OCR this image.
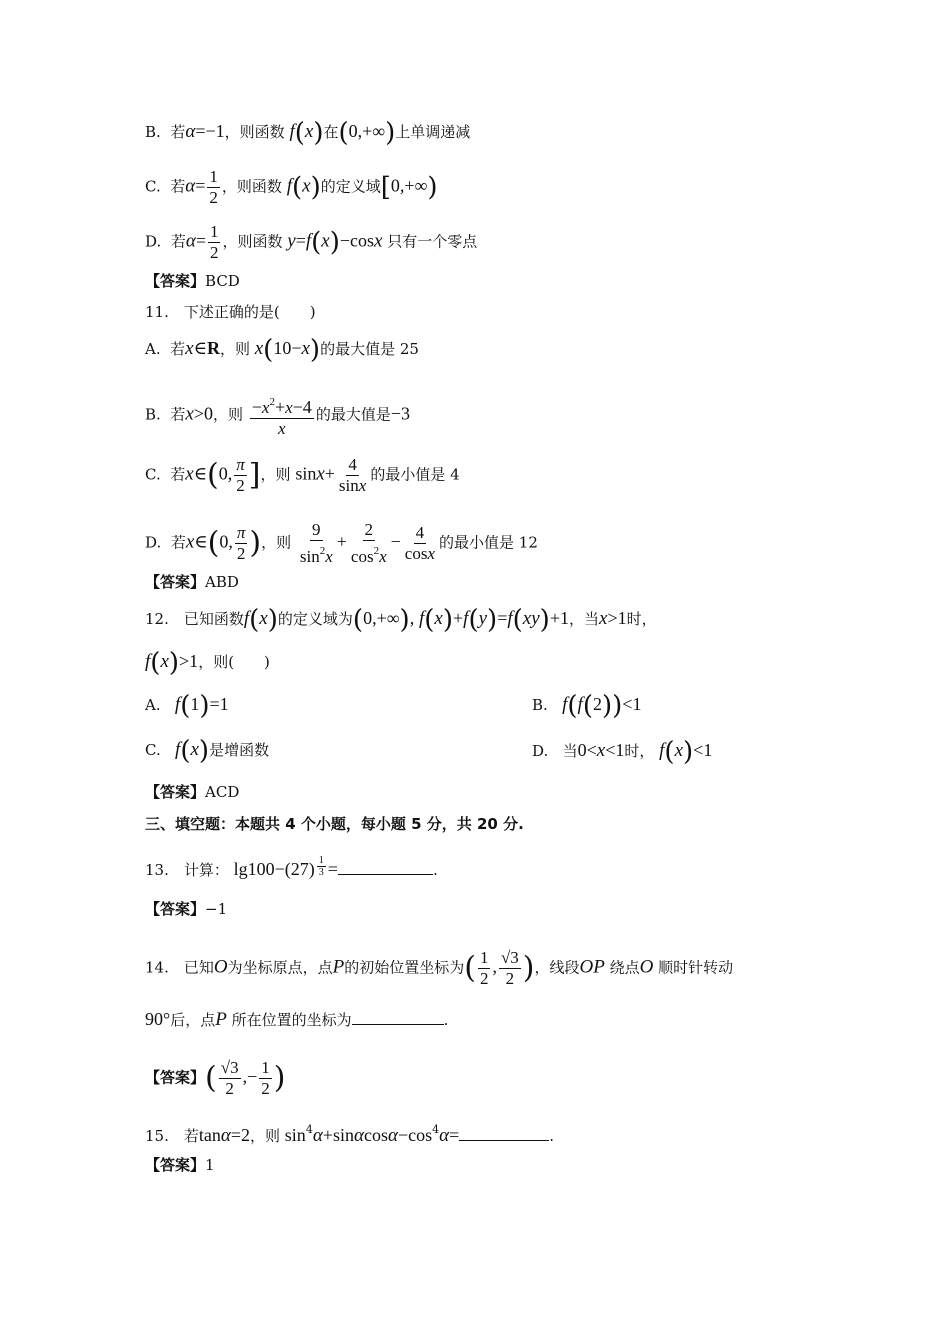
B. 若α=−1，则函数 f(x)在(0,+∞)上单调递减
C. 若$\alpha= \frac{1}{2}$ ，则函数 f(x)的定义域[0,+∞)
D. 若$\alpha= \frac{1}{2}$ ，则函数 y=f(x)−cosx 只有一个零点
【答案】BCD
11.　下述正确的是(　　)
A. 若x∈R，则 x(10−x)的最大值是 25
B. 若x>0，则 $\frac{-x^2+x-4}{x}$ 的最大值是−3
C. 若x∈(0, $\frac{\pi}{2}$ ]，则 $\sin x+ \frac{4}{\sin x}$ 的最小值是 4
D. 若x∈(0, $\frac{\pi}{2}$ )，则 $\frac{9}{\sin^2x} + \frac{2}{\cos^2x} - \frac{4}{\cos x}$ 的最小值是 12
【答案】ABD
12.　已知函数f(x)的定义域为(0,+∞), f(x)+f(y)=f(xy)+1，当x>1时，
f(x)>1，则(　　)
A. f(1)=1	B. f(f(2))<1
C. f(x)是增函数	D. 当0<x<1时， f(x)<1
【答案】ACD
三、填空题：本题共 4 个小题，每小题 5 分，共 20 分.
13.　计算： $\lg 100-(27) \frac{1}{3}$ =	.
【答案】−1
14.　已知O为坐标原点，点P的初始位置坐标为( $\frac{1}{2}$ , $\frac{√3}{2}$ )，线段OP 绕点O 顺时针转动
90°后，点P 所在位置的坐标为	.
【答案】( $\frac{√3}{2}$ ,− $\frac{1}{2}$ )
15.　若tanα=2，则 $\sin^4\alpha+\sin\alpha\cos\alpha-\cos^4\alpha=$	.
【答案】1
